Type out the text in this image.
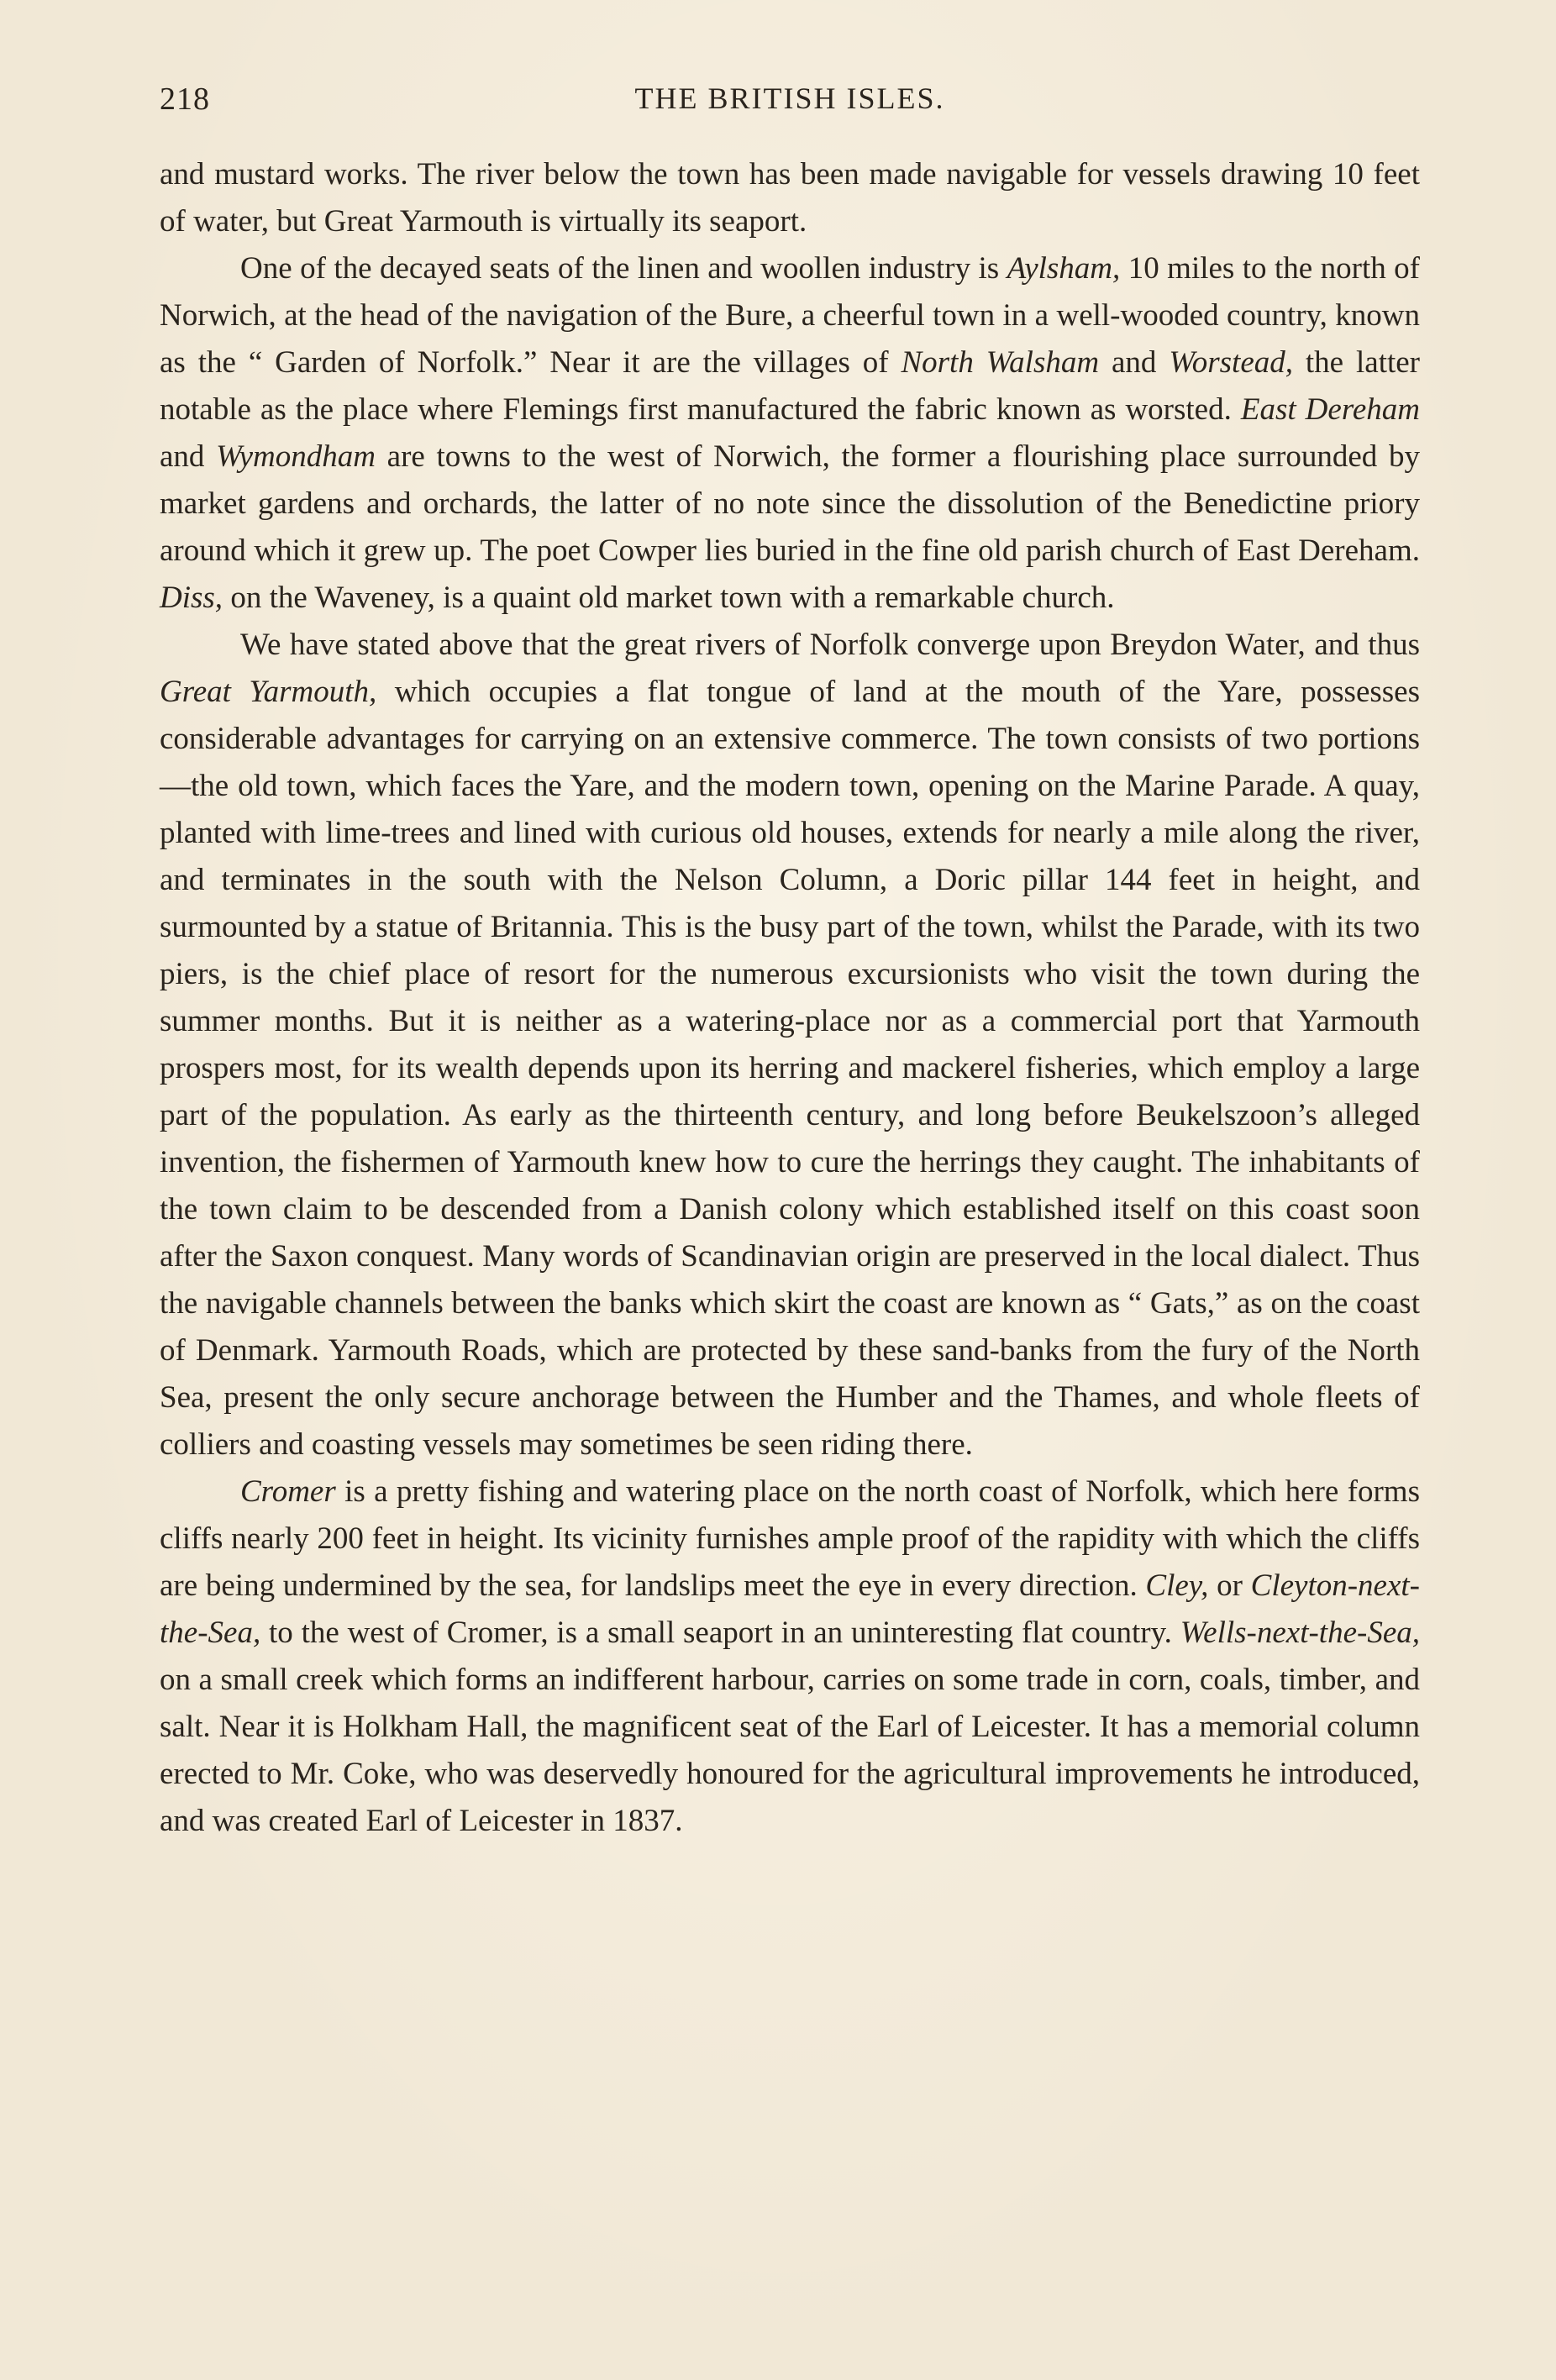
218	THE BRITISH ISLES.

and mustard works. The river below the town has been made navigable for vessels drawing 10 feet of water, but Great Yarmouth is virtually its seaport.

One of the decayed seats of the linen and woollen industry is Aylsham, 10 miles to the north of Norwich, at the head of the navigation of the Bure, a cheerful town in a well-wooded country, known as the “ Garden of Norfolk.” Near it are the villages of North Walsham and Worstead, the latter notable as the place where Flemings first manufactured the fabric known as worsted. East Dereham and Wymondham are towns to the west of Norwich, the former a flourishing place surrounded by market gardens and orchards, the latter of no note since the dissolution of the Benedictine priory around which it grew up. The poet Cowper lies buried in the fine old parish church of East Dereham. Diss, on the Waveney, is a quaint old market town with a remarkable church.

We have stated above that the great rivers of Norfolk converge upon Breydon Water, and thus Great Yarmouth, which occupies a flat tongue of land at the mouth of the Yare, possesses considerable advantages for carrying on an extensive commerce. The town consists of two portions—the old town, which faces the Yare, and the modern town, opening on the Marine Parade. A quay, planted with lime-trees and lined with curious old houses, extends for nearly a mile along the river, and terminates in the south with the Nelson Column, a Doric pillar 144 feet in height, and surmounted by a statue of Britannia. This is the busy part of the town, whilst the Parade, with its two piers, is the chief place of resort for the numerous excursionists who visit the town during the summer months. But it is neither as a watering-place nor as a commercial port that Yarmouth prospers most, for its wealth depends upon its herring and mackerel fisheries, which employ a large part of the population. As early as the thirteenth century, and long before Beukelszoon’s alleged invention, the fishermen of Yarmouth knew how to cure the herrings they caught. The inhabitants of the town claim to be descended from a Danish colony which established itself on this coast soon after the Saxon conquest. Many words of Scandinavian origin are preserved in the local dialect. Thus the navigable channels between the banks which skirt the coast are known as “ Gats,” as on the coast of Denmark. Yarmouth Roads, which are protected by these sand-banks from the fury of the North Sea, present the only secure anchorage between the Humber and the Thames, and whole fleets of colliers and coasting vessels may sometimes be seen riding there.

Cromer is a pretty fishing and watering place on the north coast of Norfolk, which here forms cliffs nearly 200 feet in height. Its vicinity furnishes ample proof of the rapidity with which the cliffs are being undermined by the sea, for landslips meet the eye in every direction. Cley, or Cleyton-next-the-Sea, to the west of Cromer, is a small seaport in an uninteresting flat country. Wells-next-the-Sea, on a small creek which forms an indifferent harbour, carries on some trade in corn, coals, timber, and salt. Near it is Holkham Hall, the magnificent seat of the Earl of Leicester. It has a memorial column erected to Mr. Coke, who was deservedly honoured for the agricultural improvements he introduced, and was created Earl of Leicester in 1837.
